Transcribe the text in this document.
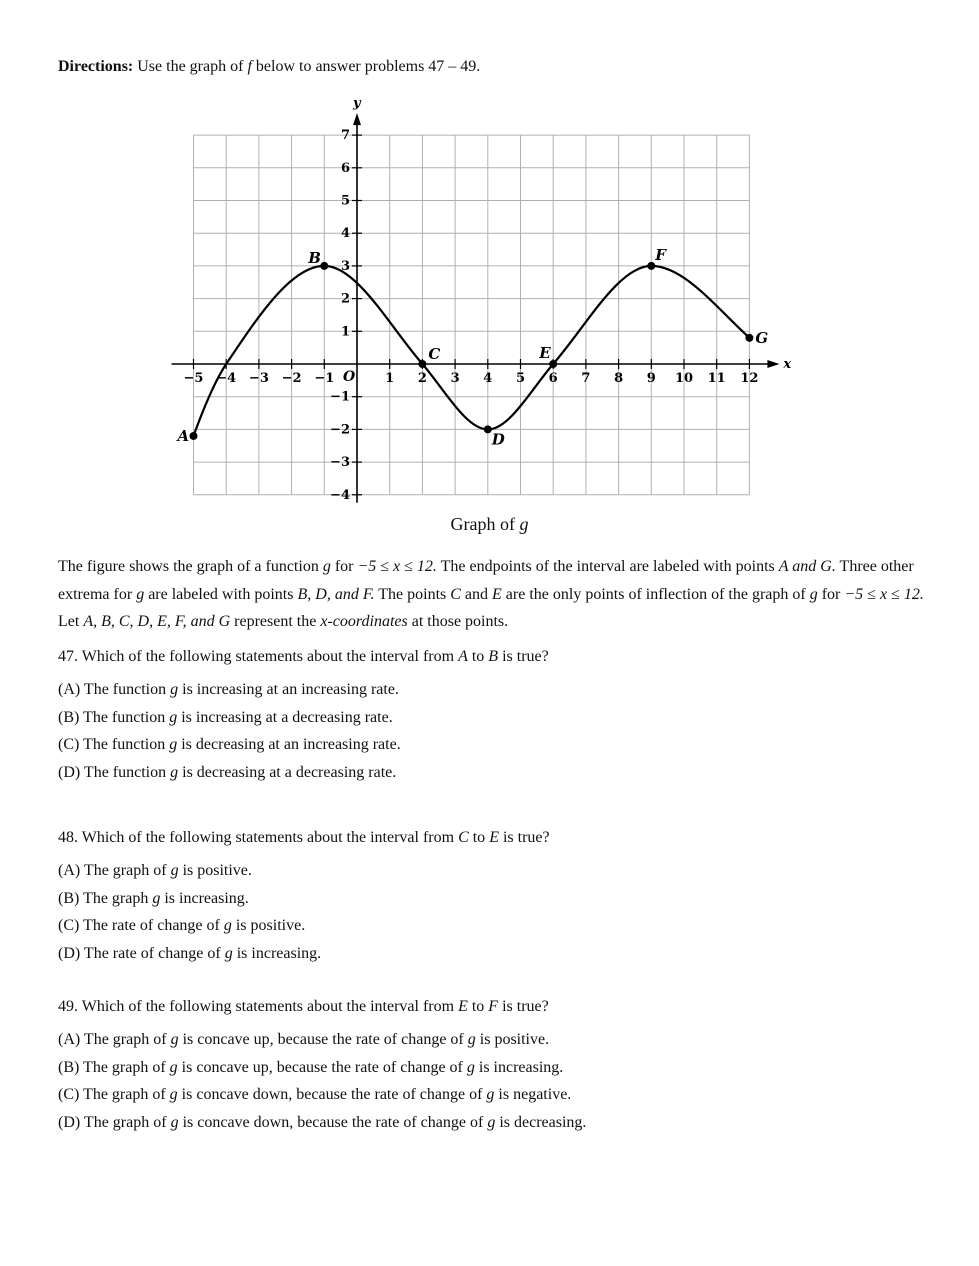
Directions: Use the graph of f below to answer problems 47 – 49.
x
y
O
−5 −4 −3 −2 −1	1 2 3 4 5 6 7 8 9 10 11 12
−4
−3
−2
−1
1
2
3
4
5
6
7
A
B
C
D
E
F
G
Graph of g
The figure shows the graph of a function g for −5 ≤ x ≤ 12. The endpoints of the interval are labeled with points A and G. Three other extrema for g are labeled with points B, D, and F. The points C and E are the only points of inflection of the graph of g for −5 ≤ x ≤ 12. Let A, B, C, D, E, F, and G represent the x-coordinates at those points.
47. Which of the following statements about the interval from A to B is true?
(A) The function g is increasing at an increasing rate.
(B) The function g is increasing at a decreasing rate.
(C) The function g is decreasing at an increasing rate.
(D) The function g is decreasing at a decreasing rate.
48. Which of the following statements about the interval from C to E is true?
(A) The graph of g is positive.
(B) The graph g is increasing.
(C) The rate of change of g is positive.
(D) The rate of change of g is increasing.
49. Which of the following statements about the interval from E to F is true?
(A) The graph of g is concave up, because the rate of change of g is positive.
(B) The graph of g is concave up, because the rate of change of g is increasing.
(C) The graph of g is concave down, because the rate of change of g is negative.
(D) The graph of g is concave down, because the rate of change of g is decreasing.
